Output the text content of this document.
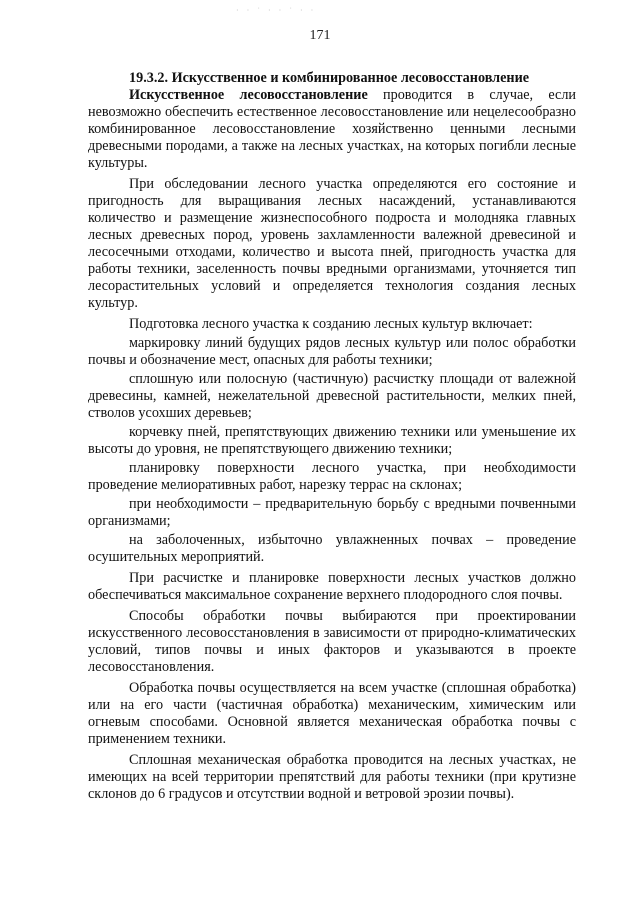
· · ˙ · · ˙ · ·
171

19.3.2. Искусственное и комбинированное лесовосстановление

Искусственное лесовосстановление проводится в случае, если невозможно обеспечить естественное лесовосстановление или нецелесообразно комбинированное лесовосстановление хозяйственно ценными лесными древесными породами, а также на лесных участках, на которых погибли лесные культуры.

При обследовании лесного участка определяются его состояние и пригодность для выращивания лесных насаждений, устанавливаются количество и размещение жизнеспособного подроста и молодняка главных лесных древесных пород, уровень захламленности валежной древесиной и лесосечными отходами, количество и высота пней, пригодность участка для работы техники, заселенность почвы вредными организмами, уточняется тип лесорастительных условий и определяется технология создания лесных культур.

Подготовка лесного участка к созданию лесных культур включает:

маркировку линий будущих рядов лесных культур или полос обработки почвы и обозначение мест, опасных для работы техники;

сплошную или полосную (частичную) расчистку площади от валежной древесины, камней, нежелательной древесной растительности, мелких пней, стволов усохших деревьев;

корчевку пней, препятствующих движению техники или уменьшение их высоты до уровня, не препятствующего движению техники;

планировку поверхности лесного участка, при необходимости проведение мелиоративных работ, нарезку террас на склонах;

при необходимости – предварительную борьбу с вредными почвенными организмами;

на заболоченных, избыточно увлажненных почвах – проведение осушительных мероприятий.

При расчистке и планировке поверхности лесных участков должно обеспечиваться максимальное сохранение верхнего плодородного слоя почвы.

Способы обработки почвы выбираются при проектировании искусственного лесовосстановления в зависимости от природно-климатических условий, типов почвы и иных факторов и указываются в проекте лесовосстановления.

Обработка почвы осуществляется на всем участке (сплошная обработка) или на его части (частичная обработка) механическим, химическим или огневым способами. Основной является механическая обработка почвы с применением техники.

Сплошная механическая обработка проводится на лесных участках, не имеющих на всей территории препятствий для работы техники (при крутизне склонов до 6 градусов и отсутствии водной и ветровой эрозии почвы).
